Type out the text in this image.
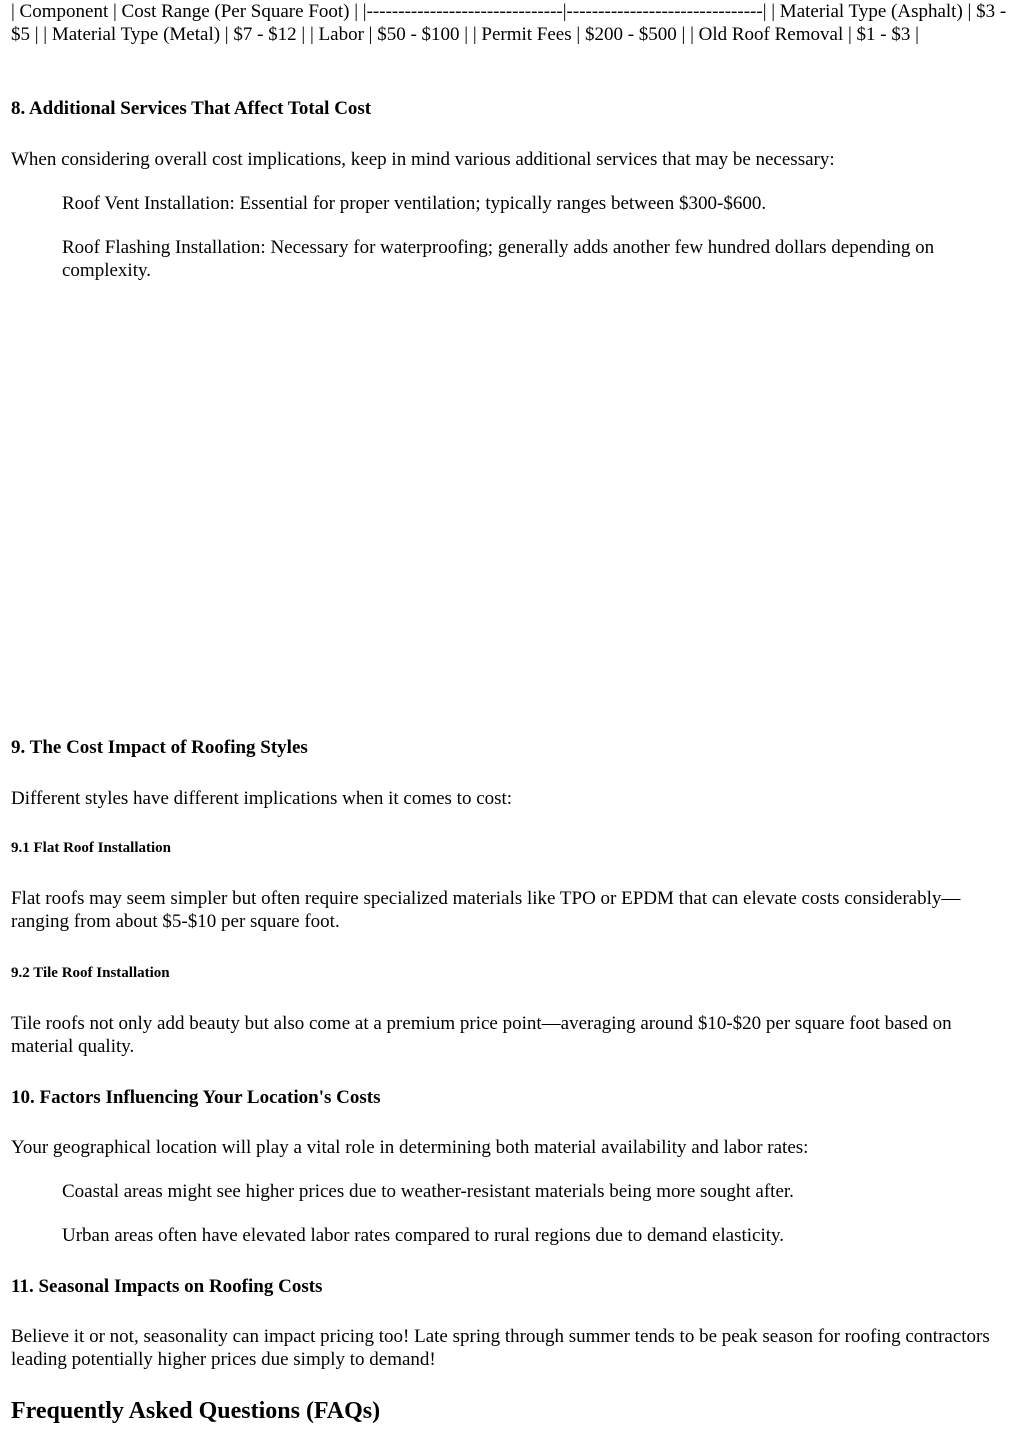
| Component | Cost Range (Per Square Foot) | |-------------------------------|-------------------------------| | Material Type (Asphalt) | $3 - $5 | | Material Type (Metal) | $7 - $12 | | Labor | $50 - $100 | | Permit Fees | $200 - $500 | | Old Roof Removal | $1 - $3 |

8. Additional Services That Affect Total Cost

When considering overall cost implications, keep in mind various additional services that may be necessary:

Roof Vent Installation: Essential for proper ventilation; typically ranges between $300-$600.
Roof Flashing Installation: Necessary for waterproofing; generally adds another few hundred dollars depending on complexity.
9. The Cost Impact of Roofing Styles

Different styles have different implications when it comes to cost:

9.1 Flat Roof Installation

Flat roofs may seem simpler but often require specialized materials like TPO or EPDM that can elevate costs considerably—ranging from about $5-$10 per square foot.

9.2 Tile Roof Installation

Tile roofs not only add beauty but also come at a premium price point—averaging around $10-$20 per square foot based on material quality.

10. Factors Influencing Your Location's Costs

Your geographical location will play a vital role in determining both material availability and labor rates:

Coastal areas might see higher prices due to weather-resistant materials being more sought after.
Urban areas often have elevated labor rates compared to rural regions due to demand elasticity.
11. Seasonal Impacts on Roofing Costs

Believe it or not, seasonality can impact pricing too! Late spring through summer tends to be peak season for roofing contractors leading potentially higher prices due simply to demand!

Frequently Asked Questions (FAQs)
